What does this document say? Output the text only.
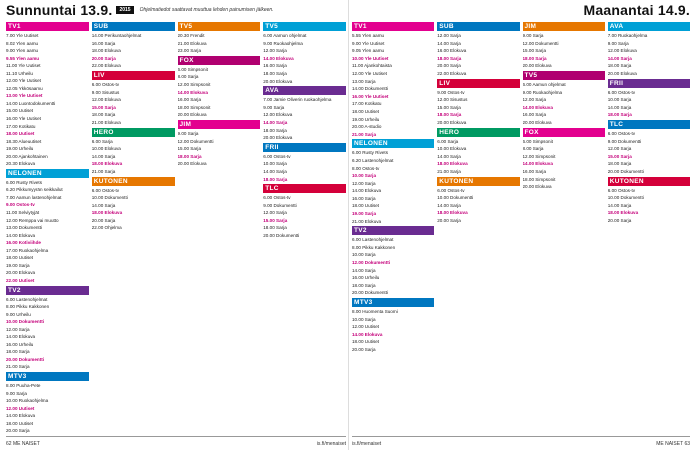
Sunnuntai 13.9.	2015	Ohjelmatiedot saattavat muuttua lehden painumisen jälkeen.	Maanantai 14.9.
TV1
7.00 Yle Uutiset
8.02 Ylen aamu
9.00 Ylen aamu
9.55 Ylen aamu
11.00 Yle Uutiset
11.10 Urheilu
12.00 Yle Uutiset
12.05 Ykkösaamu
13.00 Yle Uutiset
14.00 Luontodokumentti
15.00 Uutiset
16.00 Yle Uutiset
17.00 Kotikatu
18.00 Uutiset
18.30 Alueuutiset
19.00 Urheilu
20.00 Ajankohtainen
20.30 Elokuva
NELONEN
6.00 Rusty Rivets
6.20 Pikkumyyrän seikkailut
7.00 Aamun lastenohjelmat
9.00 Ostos-tv
11.00 Selviytyjät
12.00 Remppa vai muutto
13.00 Dokumentti
14.00 Elokuva
16.00 Kotiviihde
17.00 Ruokaohjelma
18.00 Uutiset
19.00 Sarja
20.00 Elokuva
22.00 Uutiset
TV2
6.00 Lastenohjelmat
8.00 Pikku Kakkonen
9.00 Urheilu
10.00 Dokumentti
12.00 Sarja
14.00 Elokuva
16.00 Urheilu
18.00 Sarja
20.00 Dokumentti
21.00 Sarja
MTV3
8.00 Puuha-Pete
9.00 Sarja
10.00 Ruokaohjelma
12.00 Uutiset
14.00 Elokuva
18.00 Uutiset
20.00 Sarja
SUB
14.00 Perikuntaohjelmat
16.00 Sarja
18.00 Elokuva
20.00 Sarja
22.00 Elokuva
LIV
6.00 Ostos-tv
9.00 Sisustus
12.00 Elokuva
15.00 Sarja
18.00 Sarja
21.00 Elokuva
HERO
6.00 Sarja
10.00 Elokuva
14.00 Sarja
18.00 Elokuva
21.00 Sarja
KUTONEN
6.00 Ostos-tv
10.00 Dokumentti
14.00 Sarja
18.00 Elokuva
20.00 Sarja
22.00 Ohjelma
TV5
20.30 Frendit
21.00 Elokuva
23.00 Sarja
FOX
6.00 Simpsonit
8.00 Sarja
12.00 Simpsonit
14.00 Elokuva
16.00 Sarja
18.00 Simpsonit
20.00 Elokuva
JIM
9.00 Sarja
12.00 Dokumentti
15.00 Sarja
18.00 Sarja
20.00 Elokuva
TV5
6.00 Aamun ohjelmat
9.00 Ruokaohjelma
12.00 Sarja
14.00 Elokuva
16.00 Sarja
18.00 Sarja
20.00 Elokuva
AVA
7.00 Jamie Oliverin ruokaohjelma
9.00 Sarja
12.00 Elokuva
14.00 Sarja
18.00 Sarja
20.00 Elokuva
FRII
6.00 Ostos-tv
10.00 Sarja
14.00 Sarja
18.00 Sarja
TLC
6.00 Ostos-tv
9.00 Dokumentti
12.00 Sarja
15.00 Sarja
18.00 Sarja
20.00 Dokumentti
TV1
5.55 Ylen aamu
9.00 Yle Uutiset
9.05 Ylen aamu
10.00 Yle Uutiset
11.00 Ajankohtaista
12.00 Yle Uutiset
13.00 Sarja
14.00 Dokumentti
16.00 Yle Uutiset
17.00 Kotikatu
18.00 Uutiset
19.00 Urheilu
20.00 A-studio
21.00 Sarja
NELONEN
6.00 Rusty Rivets
6.20 Lastenohjelmat
8.00 Ostos-tv
10.00 Sarja
12.00 Sarja
14.00 Elokuva
16.00 Sarja
18.00 Uutiset
19.00 Sarja
21.00 Elokuva
TV2
6.00 Lastenohjelmat
8.00 Pikku Kakkonen
10.00 Sarja
12.00 Dokumentti
14.00 Sarja
16.00 Urheilu
18.00 Sarja
20.00 Dokumentti
MTV3
8.00 Huomenta Suomi
10.00 Sarja
12.00 Uutiset
14.00 Elokuva
18.00 Uutiset
20.00 Sarja
SUB
12.00 Sarja
14.00 Sarja
16.00 Elokuva
18.00 Sarja
20.00 Sarja
22.00 Elokuva
LIV
9.00 Ostos-tv
12.00 Sisustus
15.00 Sarja
18.00 Sarja
20.00 Elokuva
HERO
6.00 Sarja
10.00 Elokuva
14.00 Sarja
18.00 Elokuva
21.00 Sarja
KUTONEN
6.00 Ostos-tv
10.00 Dokumentti
14.00 Sarja
18.00 Elokuva
20.00 Sarja
JIM
9.00 Sarja
12.00 Dokumentti
15.00 Sarja
18.00 Sarja
20.00 Elokuva
TV5
6.00 Aamun ohjelmat
9.00 Ruokaohjelma
12.00 Sarja
14.00 Elokuva
16.00 Sarja
20.00 Elokuva
FOX
6.00 Simpsonit
8.00 Sarja
12.00 Simpsonit
14.00 Elokuva
16.00 Sarja
18.00 Simpsonit
20.00 Elokuva
AVA
7.00 Ruokaohjelma
9.00 Sarja
12.00 Elokuva
14.00 Sarja
18.00 Sarja
20.00 Elokuva
FRII
6.00 Ostos-tv
10.00 Sarja
14.00 Sarja
18.00 Sarja
TLC
6.00 Ostos-tv
9.00 Dokumentti
12.00 Sarja
15.00 Sarja
18.00 Sarja
20.00 Dokumentti
KUTONEN
6.00 Ostos-tv
10.00 Dokumentti
14.00 Sarja
18.00 Elokuva
20.00 Sarja
62 ME NAISET	is.fi/menaiset is.fi/menaiset	ME NAISET 63
